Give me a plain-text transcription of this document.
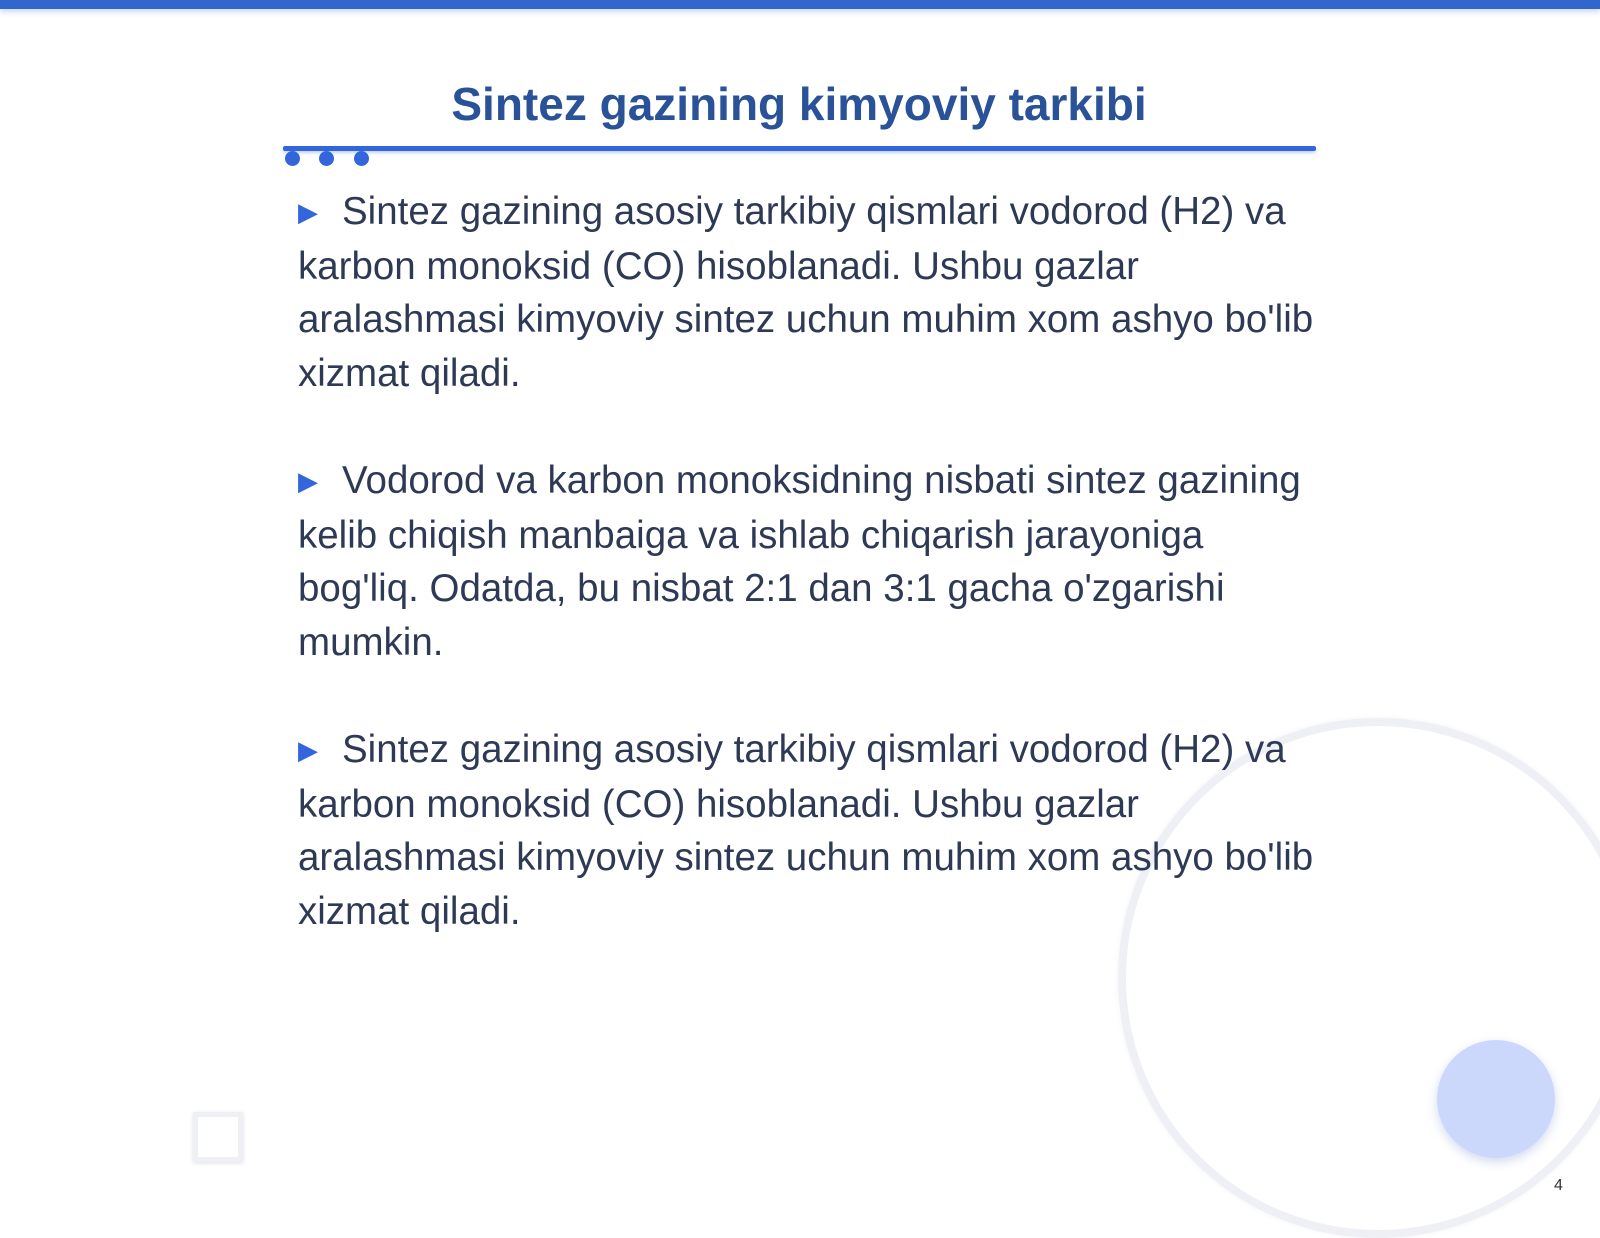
Sintez gazining kimyoviy tarkibi

▶ Sintez gazining asosiy tarkibiy qismlari vodorod (H2) va karbon monoksid (CO) hisoblanadi. Ushbu gazlar aralashmasi kimyoviy sintez uchun muhim xom ashyo bo'lib xizmat qiladi.

▶ Vodorod va karbon monoksidning nisbati sintez gazining kelib chiqish manbaiga va ishlab chiqarish jarayoniga bog'liq. Odatda, bu nisbat 2:1 dan 3:1 gacha o'zgarishi mumkin.

▶ Sintez gazining asosiy tarkibiy qismlari vodorod (H2) va karbon monoksid (CO) hisoblanadi. Ushbu gazlar aralashmasi kimyoviy sintez uchun muhim xom ashyo bo'lib xizmat qiladi.

4
